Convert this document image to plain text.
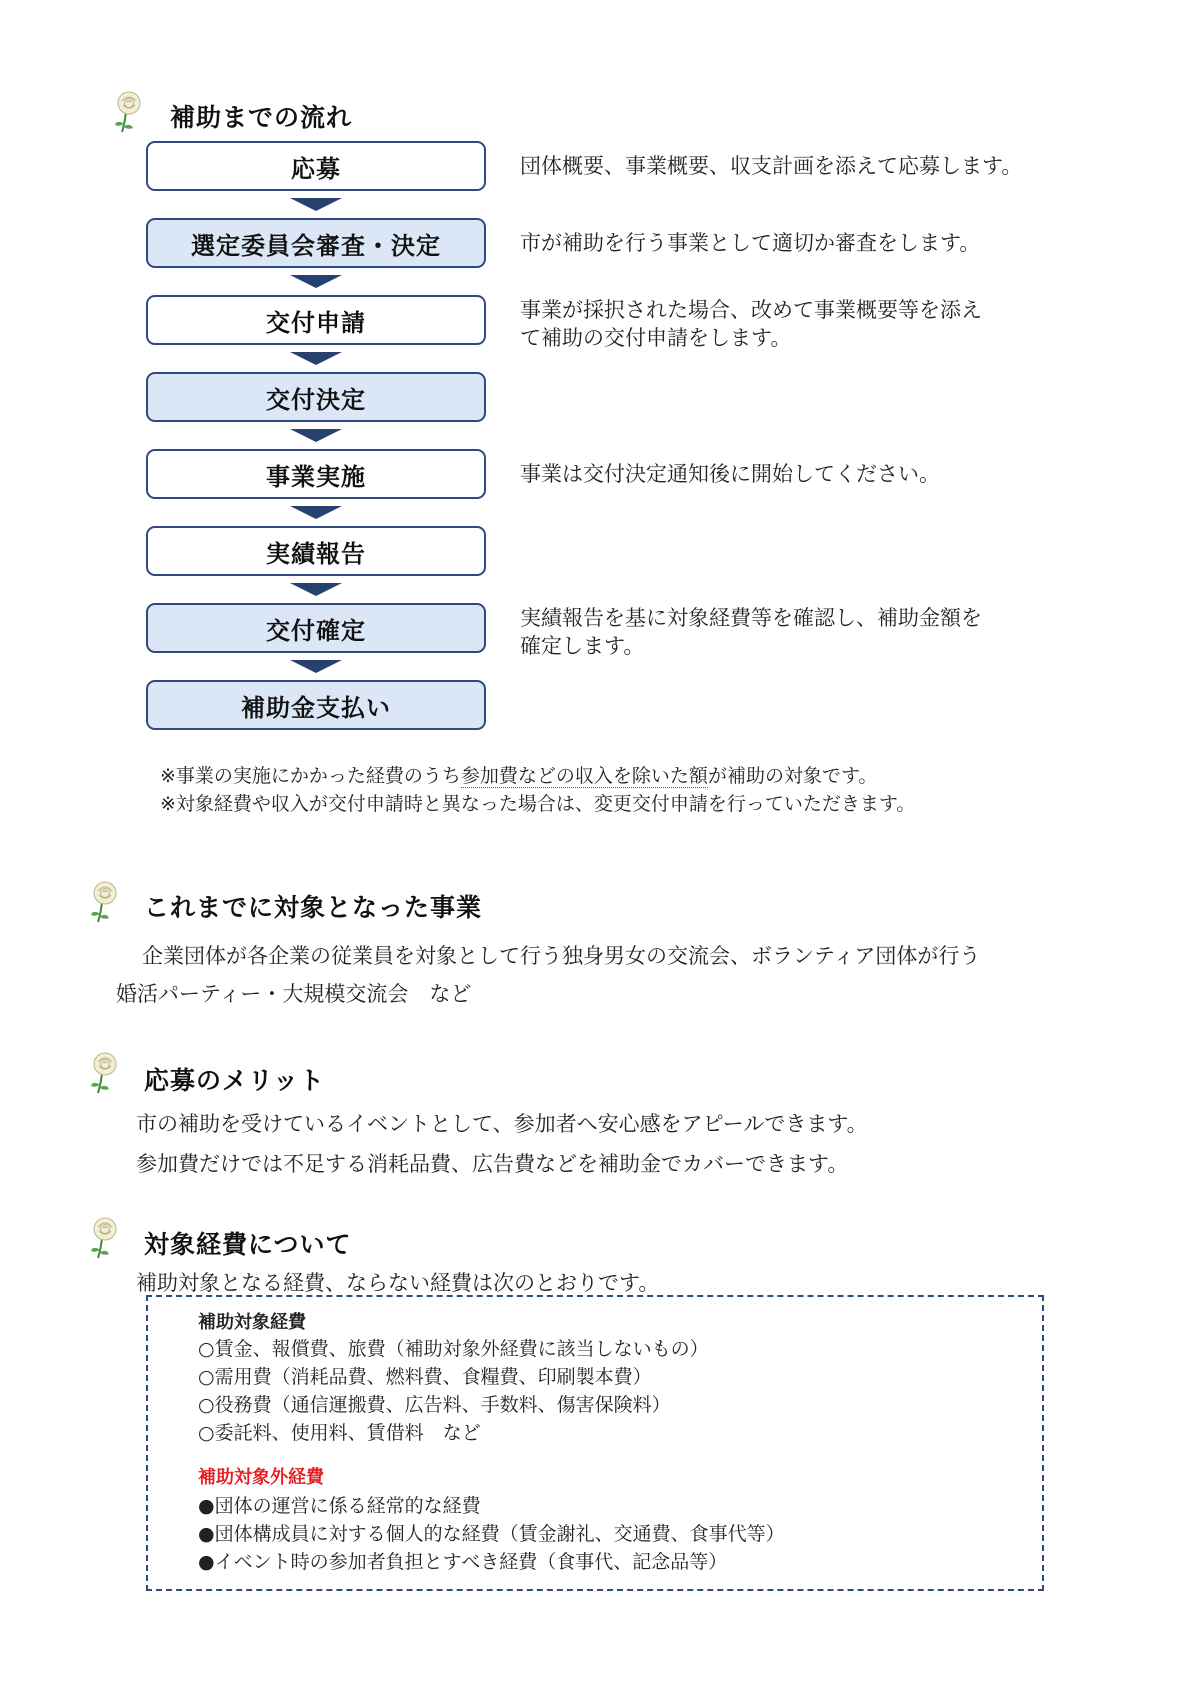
補助までの流れ
応募
選定委員会審査・決定
交付申請
交付決定
事業実施
実績報告
交付確定
補助金支払い
団体概要、事業概要、収支計画を添えて応募します。
市が補助を行う事業として適切か審査をします。
事業が採択された場合、改めて事業概要等を添え
て補助の交付申請をします。
事業は交付決定通知後に開始してください。
実績報告を基に対象経費等を確認し、補助金額を
確定します。
※事業の実施にかかった経費のうち参加費などの収入を除いた額が補助の対象です。
※対象経費や収入が交付申請時と異なった場合は、変更交付申請を行っていただきます。
これまでに対象となった事業
企業団体が各企業の従業員を対象として行う独身男女の交流会、ボランティア団体が行う
婚活パーティー・大規模交流会　など
応募のメリット
市の補助を受けているイベントとして、参加者へ安心感をアピールできます。
参加費だけでは不足する消耗品費、広告費などを補助金でカバーできます。
対象経費について
補助対象となる経費、ならない経費は次のとおりです。
補助対象経費
○賃金、報償費、旅費（補助対象外経費に該当しないもの）
○需用費（消耗品費、燃料費、食糧費、印刷製本費）
○役務費（通信運搬費、広告料、手数料、傷害保険料）
○委託料、使用料、賃借料　など
補助対象外経費
●団体の運営に係る経常的な経費
●団体構成員に対する個人的な経費（賃金謝礼、交通費、食事代等）
●イベント時の参加者負担とすべき経費（食事代、記念品等）
